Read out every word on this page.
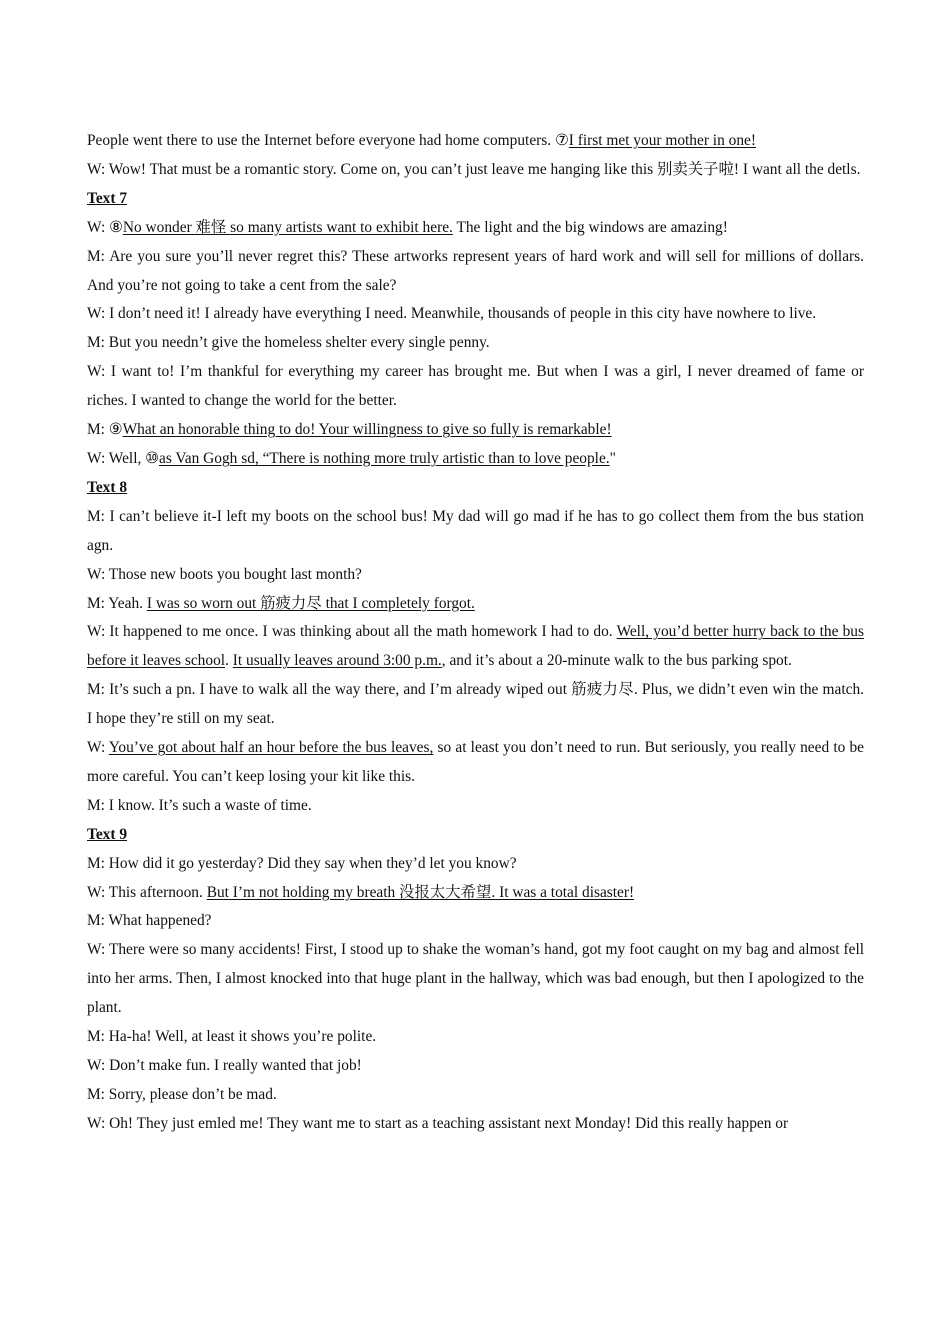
People went there to use the Internet before everyone had home computers. ⑦I first met your mother in one!

W: Wow! That must be a romantic story. Come on, you can’t just leave me hanging like this 别卖关子啦! I want all the detls.

Text 7

W: ⑧No wonder 难怪 so many artists want to exhibit here. The light and the big windows are amazing!

M: Are you sure you’ll never regret this? These artworks represent years of hard work and will sell for millions of dollars. And you’re not going to take a cent from the sale?

W: I don’t need it! I already have everything I need. Meanwhile, thousands of people in this city have nowhere to live.

M: But you needn’t give the homeless shelter every single penny.

W: I want to! I’m thankful for everything my career has brought me. But when I was a girl, I never dreamed of fame or riches. I wanted to change the world for the better.

M: ⑨What an honorable thing to do! Your willingness to give so fully is remarkable!

W: Well, ⑩as Van Gogh sd, “There is nothing more truly artistic than to love people."

Text 8

M: I can’t believe it-I left my boots on the school bus! My dad will go mad if he has to go collect them from the bus station agn.

W: Those new boots you bought last month?

M: Yeah. I was so worn out 筋疲力尽 that I completely forgot.

W: It happened to me once. I was thinking about all the math homework I had to do. Well, you’d better hurry back to the bus before it leaves school. It usually leaves around 3:00 p.m., and it’s about a 20-minute walk to the bus parking spot.

M: It’s such a pn. I have to walk all the way there, and I’m already wiped out 筋疲力尽. Plus, we didn’t even win the match. I hope they’re still on my seat.

W: You’ve got about half an hour before the bus leaves, so at least you don’t need to run. But seriously, you really need to be more careful. You can’t keep losing your kit like this.

M: I know. It’s such a waste of time.

Text 9

M: How did it go yesterday? Did they say when they’d let you know?

W: This afternoon. But I’m not holding my breath 没报太大希望. It was a total disaster!

M: What happened?

W: There were so many accidents! First, I stood up to shake the woman’s hand, got my foot caught on my bag and almost fell into her arms. Then, I almost knocked into that huge plant in the hallway, which was bad enough, but then I apologized to the plant.

M: Ha-ha! Well, at least it shows you’re polite.

W: Don’t make fun. I really wanted that job!

M: Sorry, please don’t be mad.

W: Oh! They just emled me! They want me to start as a teaching assistant next Monday! Did this really happen or
